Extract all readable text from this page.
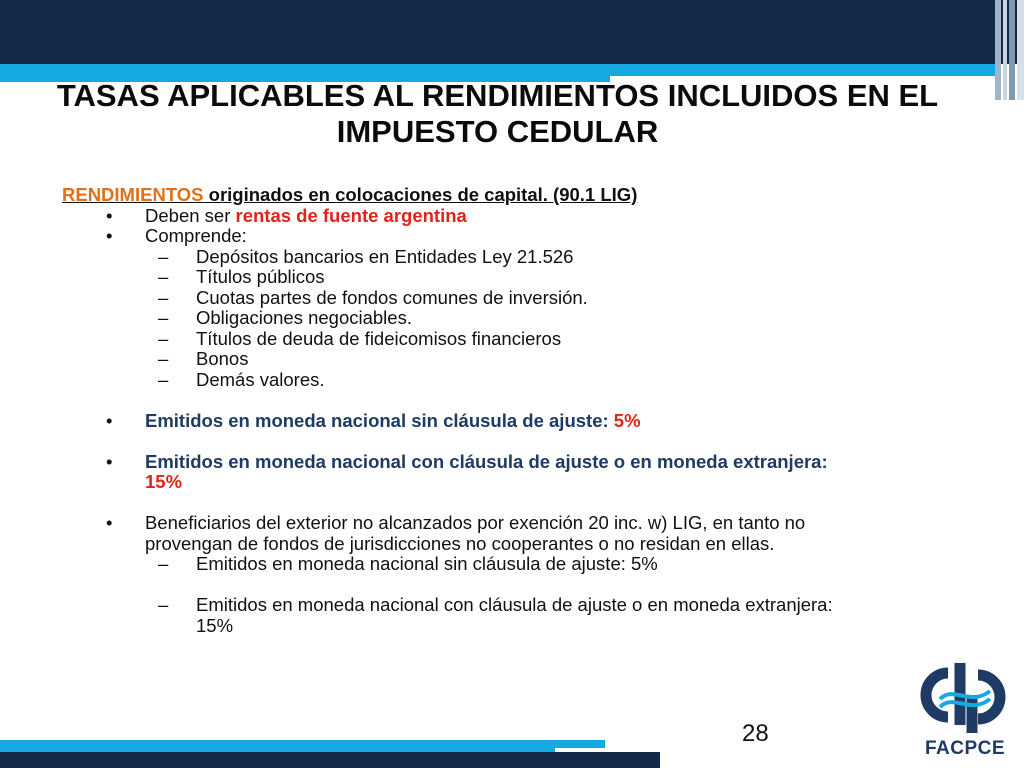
TASAS APLICABLES AL RENDIMIENTOS INCLUIDOS EN EL
IMPUESTO CEDULAR
RENDIMIENTOS originados en colocaciones de capital. (90.1 LIG)
• Deben ser rentas de fuente argentina
• Comprende:
– Depósitos bancarios en Entidades Ley 21.526
– Títulos públicos
– Cuotas partes de fondos comunes de inversión.
– Obligaciones negociables.
– Títulos de deuda de fideicomisos financieros
– Bonos
– Demás valores.
• Emitidos en moneda nacional sin cláusula de ajuste: 5%
• Emitidos en moneda nacional con cláusula de ajuste o en moneda extranjera:
15%
• Beneficiarios del exterior no alcanzados por exención 20 inc. w) LIG, en tanto no
provengan de fondos de jurisdicciones no cooperantes o no residan en ellas.
– Emitidos en moneda nacional sin cláusula de ajuste: 5%
– Emitidos en moneda nacional con cláusula de ajuste o en moneda extranjera:
15%
28
FACPCE
